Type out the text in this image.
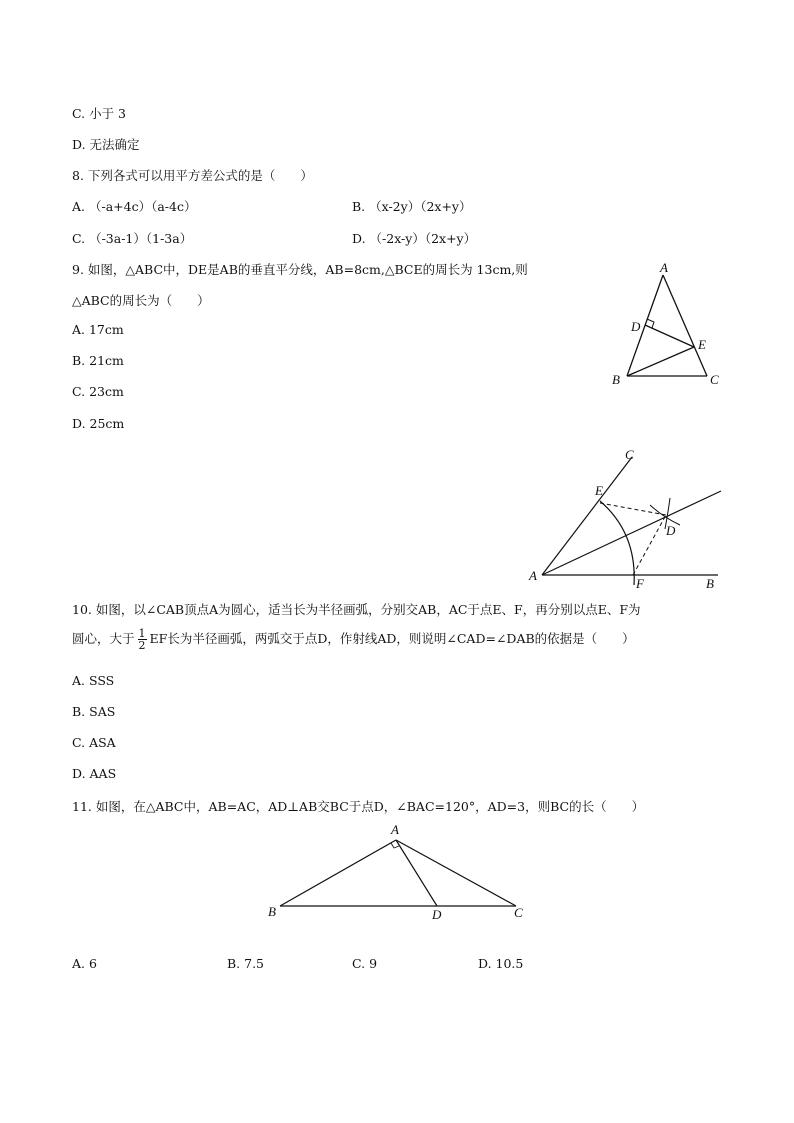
C. 小于 3
D. 无法确定
8. 下列各式可以用平方差公式的是（　　）
A. （-a+4c）（a-4c）	B. （x-2y）（2x+y）
C. （-3a-1）（1-3a）	D. （-2x-y）（2x+y）
9. 如图，△ABC中，DE是AB的垂直平分线，AB=8cm,△BCE的周长为 13cm,则
△ABC的周长为（　　）
A. 17cm
B. 21cm
C. 23cm
D. 25cm
A
D
E
B	C
C
E
D
A
F	B
10. 如图，以∠CAB顶点A为圆心，适当长为半径画弧，分别交AB，AC于点E、F，再分别以点E、F为
圆心，大于 $\frac{1}{2}$ EF长为半径画弧，两弧交于点D，作射线AD，则说明∠CAD=∠DAB的依据是（　　）
A. SSS
B. SAS
C. ASA
D. AAS
11. 如图，在△ABC中，AB=AC，AD⊥AB交BC于点D，∠BAC=120°，AD=3，则BC的长（　　）
A
B	D	C
A. 6	B. 7.5	C. 9	D. 10.5
